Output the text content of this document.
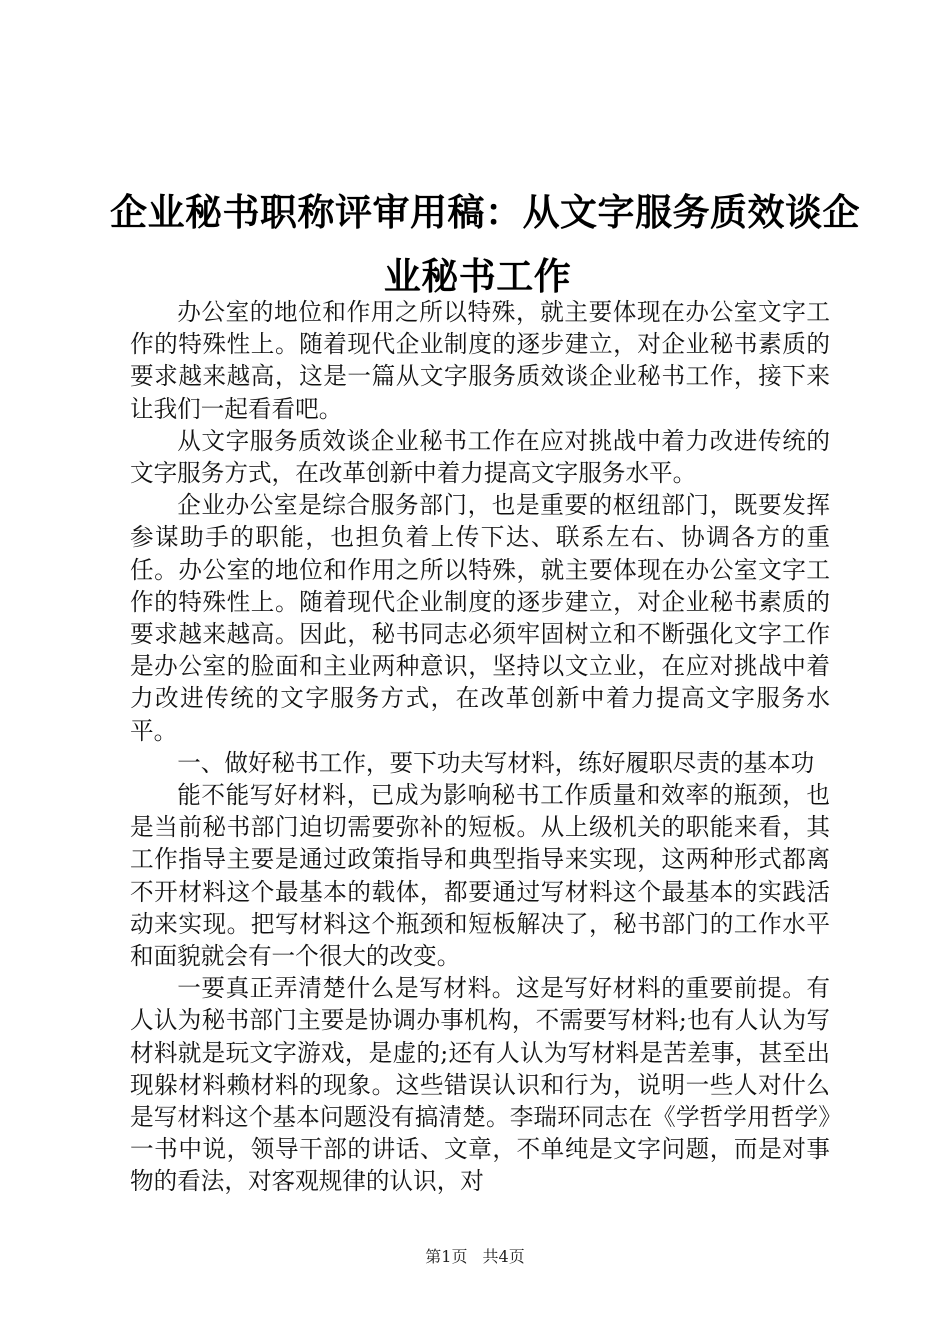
企业秘书职称评审用稿：从文字服务质效谈企
业秘书工作

办公室的地位和作用之所以特殊，就主要体现在办公室文字工作的特殊性上。随着现代企业制度的逐步建立，对企业秘书素质的要求越来越高，这是一篇从文字服务质效谈企业秘书工作，接下来让我们一起看看吧。

从文字服务质效谈企业秘书工作在应对挑战中着力改进传统的文字服务方式，在改革创新中着力提高文字服务水平。

企业办公室是综合服务部门，也是重要的枢纽部门，既要发挥参谋助手的职能，也担负着上传下达、联系左右、协调各方的重任。办公室的地位和作用之所以特殊，就主要体现在办公室文字工作的特殊性上。随着现代企业制度的逐步建立，对企业秘书素质的要求越来越高。因此，秘书同志必须牢固树立和不断强化文字工作是办公室的脸面和主业两种意识，坚持以文立业，在应对挑战中着力改进传统的文字服务方式，在改革创新中着力提高文字服务水平。

一、做好秘书工作，要下功夫写材料，练好履职尽责的基本功

能不能写好材料，已成为影响秘书工作质量和效率的瓶颈，也是当前秘书部门迫切需要弥补的短板。从上级机关的职能来看，其工作指导主要是通过政策指导和典型指导来实现，这两种形式都离不开材料这个最基本的载体，都要通过写材料这个最基本的实践活动来实现。把写材料这个瓶颈和短板解决了，秘书部门的工作水平和面貌就会有一个很大的改变。

一要真正弄清楚什么是写材料。这是写好材料的重要前提。有人认为秘书部门主要是协调办事机构，不需要写材料;也有人认为写材料就是玩文字游戏，是虚的;还有人认为写材料是苦差事，甚至出现躲材料赖材料的现象。这些错误认识和行为，说明一些人对什么是写材料这个基本问题没有搞清楚。李瑞环同志在《学哲学用哲学》一书中说，领导干部的讲话、文章，不单纯是文字问题，而是对事物的看法，对客观规律的认识，对

第1页 共4页
